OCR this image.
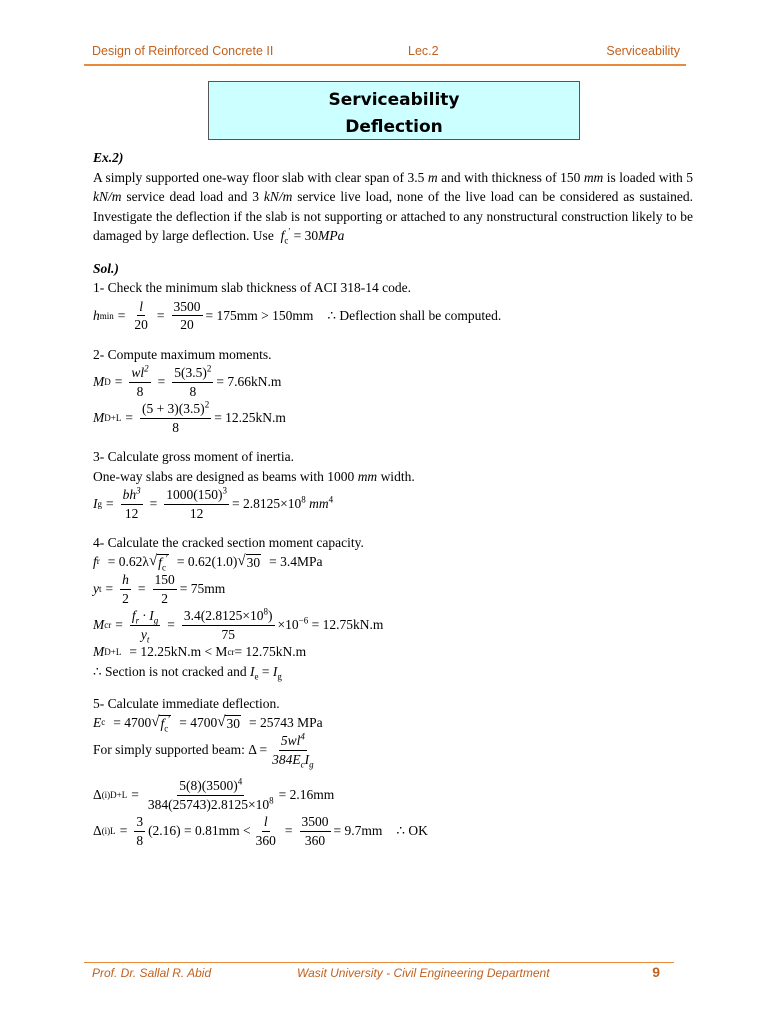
Design of Reinforced Concrete II	Lec.2	Serviceability
Serviceability
Deflection
Ex.2)

A simply supported one-way floor slab with clear span of 3.5 m and with thickness of 150 mm is loaded with 5 kN/m service dead load and 3 kN/m service live load, none of the live load can be considered as sustained. Investigate the deflection if the slab is not supporting or attached to any nonstructural construction likely to be damaged by large deflection. Use  $f_c' = 30MPa$

Sol.)
1- Check the minimum slab thickness of ACI 318-14 code.
h $\min = \frac{l}{20} = \frac{3500}{20} = 175mm > 150mm$ ∴ Deflection shall be computed.
2- Compute maximum moments.
M $D = \frac{wl^2}{8} = \frac{5(3.5)^2}{8} = 7.66kN.m$
M $D+L = \frac{(5 + 3)(3.5)^2}{8} = 12.25kN.m$
3- Calculate gross moment of inertia.
One-way slabs are designed as beams with 1000 mm width.
I $g = \frac{bh^3}{12} = \frac{1000(150)^3}{12} = 2.8125\times 10^8$ $mm^4$
4- Calculate the cracked section moment capacity.
f r = 0.62λ √ $f_c' = 0.62(1.0)$ √ 30 = 3.4MPa
y $t = \frac{h}{2} = \frac{150}{2} = 75mm$
M cr = $\frac{f_r \cdot I_g}{y_t} = \frac{3.4(2.8125\times 10^8)}{75} \times 10^{-6} = 12.75kN.m$
M D+L = 12.25kN.m < M cr = 12.75kN.m
∴ Section is not cracked and $I_e = I_g$
5- Calculate immediate deflection.
E c = 4700 √ $f_c' = 4700$ √ 30 = 25743 MPa
For simply supported beam: $\Delta = \frac{5wl^4}{384E_cI_g}$
Δ $(i)D+L = \frac{5(8)(3500)^4}{384(25743)2.8125\times 10^8} = 2.16mm$
Δ $(i)L = \frac{3}{8} (2.16) = 0.81mm < \frac{l}{360} = \frac{3500}{360} = 9.7mm$ ∴ OK
Prof. Dr. Sallal R. Abid	Wasit University - Civil Engineering Department	9
